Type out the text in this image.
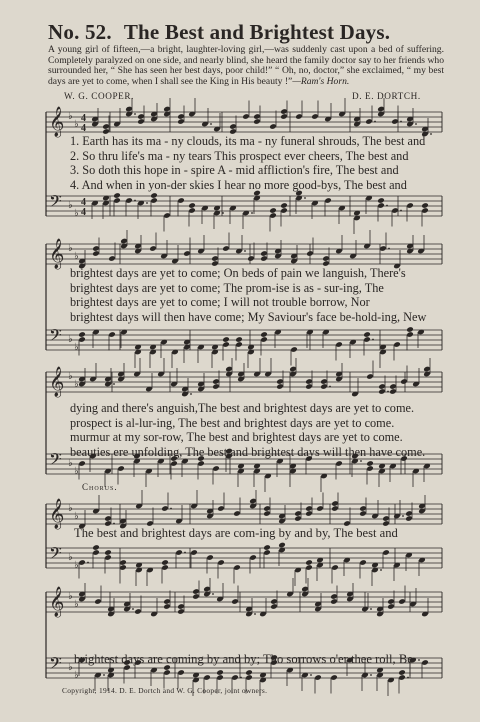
𝄞
𝄢
♭
♭
♭
♭
4
4
4
4
𝄞
𝄢
♭
♭
♭
♭
𝄞
𝄢
♭
♭
♭
♭
𝄞
𝄢
♭
♭
♭
♭
𝄞
𝄢
♭
♭
♭
♭
No. 52. The Best and Brightest Days.
A young girl of fifteen,—a bright, laughter-loving girl,—was suddenly cast upon a bed of suffering. Completely paralyzed on one side, and nearly blind, she heard the family doctor say to her friends who surrounded her, “ She has seen her best days, poor child!” “ Oh, no, doctor,” she exclaimed, “ my best days are yet to come, when I shall see the King in His beauty !”—Ram's Horn.
W. G. COOPER.	D. E. DORTCH.
1. Earth has its ma - ny clouds, its ma - ny funeral shrouds, The best and
2. So thru life's ma - ny tears This prospect ever cheers, The best and
3. So doth this hope in - spire A - mid affliction's fire, The best and
4. And when in yon-der skies I hear no more good-bys, The best and
brightest days are yet to come; On beds of pain we languish, There's
brightest days are yet to come; The prom-ise is as - sur-ing, The
brightest days are yet to come; I will not trouble borrow, Nor
brightest days will then have come; My Saviour's face be-hold-ing, New
dying and there's anguish,The best and brightest days are yet to come.
prospect is al-lur-ing, The best and brightest days are yet to come.
murmur at my sor-row, The best and brightest days are yet to come.
beauties ere unfolding, The best and brightest days will then have come.
Chorus.
The best and brightest days are com-ing by and by, The best and
brightest days are coming by and by; Tho sorrows o'er thee roll, Be
Copyright, 1914. D. E. Dortch and W. G. Cooper, joint owners.
